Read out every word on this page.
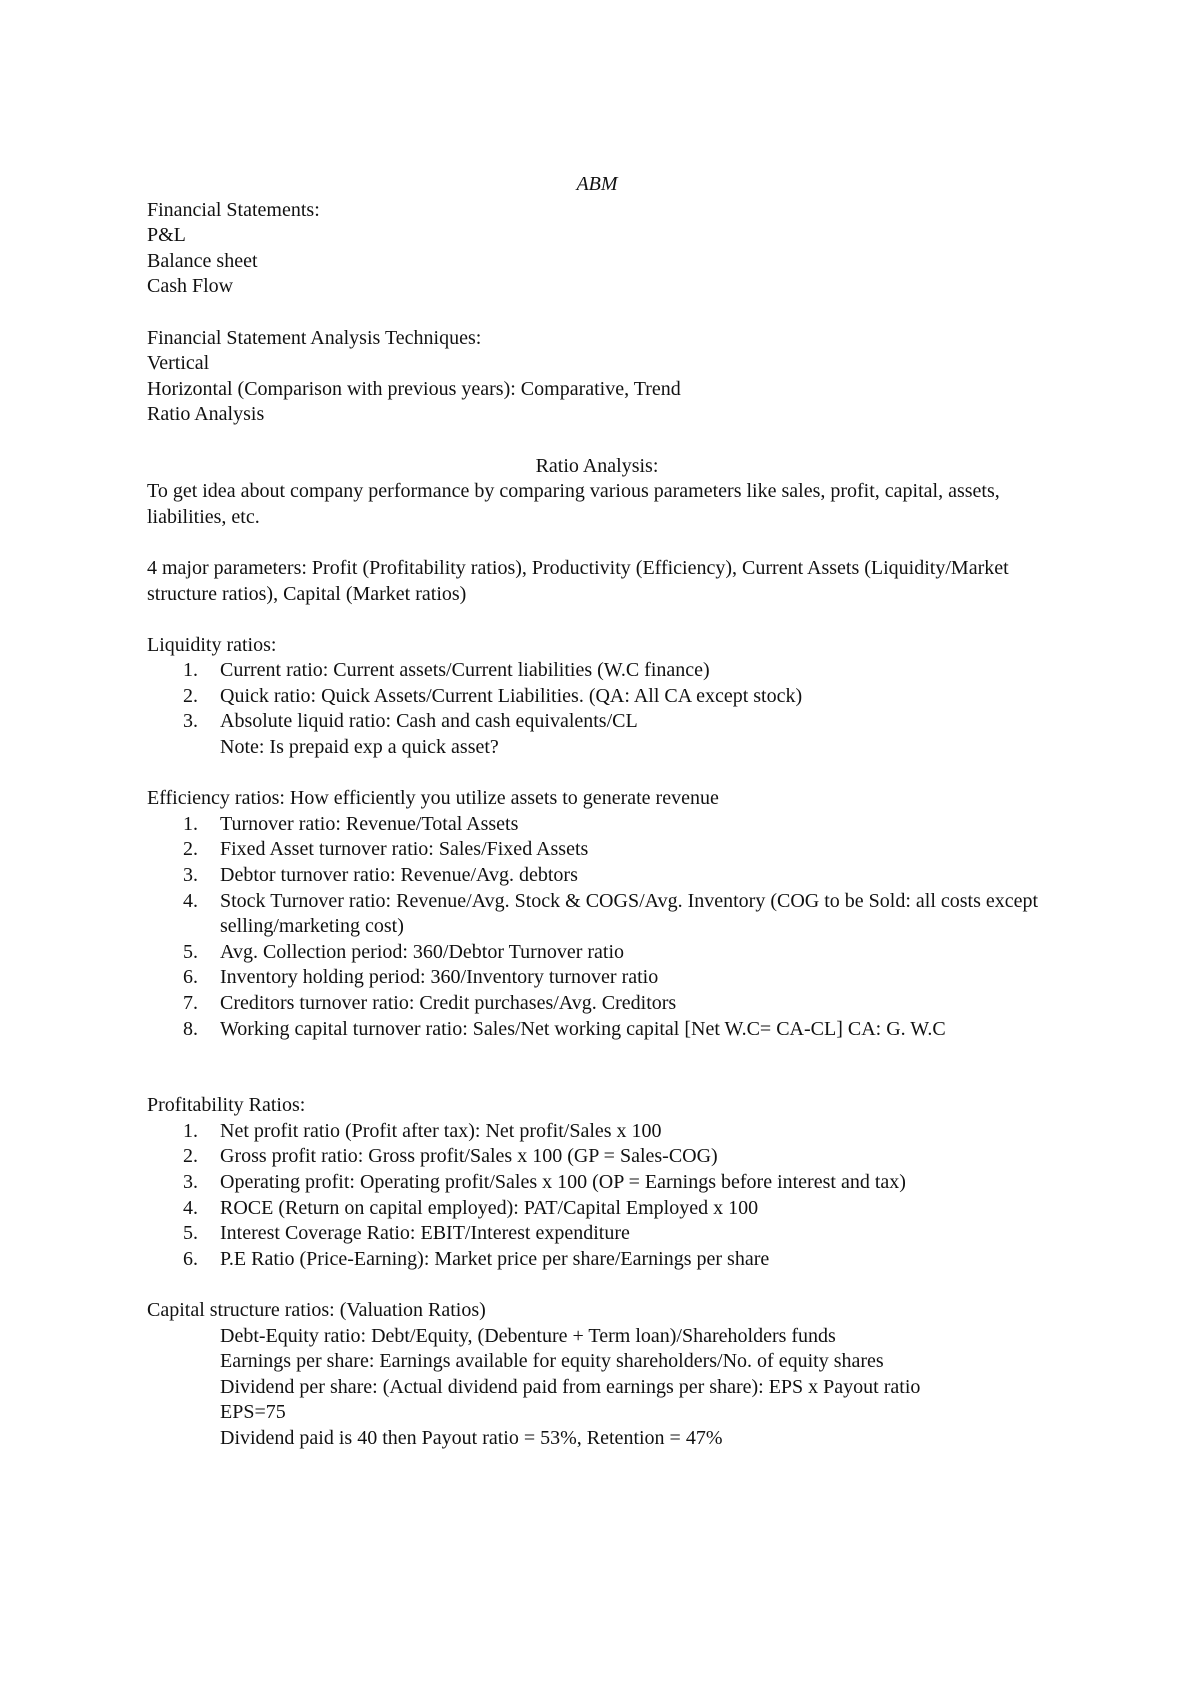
ABM
Financial Statements:
P&L
Balance sheet
Cash Flow
Financial Statement Analysis Techniques:
Vertical
Horizontal (Comparison with previous years): Comparative, Trend
Ratio Analysis
Ratio Analysis:
To get idea about company performance by comparing various parameters like sales, profit, capital, assets, liabilities, etc.
4 major parameters: Profit (Profitability ratios), Productivity (Efficiency), Current Assets (Liquidity/Market structure ratios), Capital (Market ratios)
Liquidity ratios:
1.	Current ratio: Current assets/Current liabilities (W.C finance)
2.	Quick ratio: Quick Assets/Current Liabilities. (QA: All CA except stock)
3.	Absolute liquid ratio: Cash and cash equivalents/CL
Note: Is prepaid exp a quick asset?
Efficiency ratios: How efficiently you utilize assets to generate revenue
1.	Turnover ratio: Revenue/Total Assets
2.	Fixed Asset turnover ratio: Sales/Fixed Assets
3.	Debtor turnover ratio: Revenue/Avg. debtors
4.	Stock Turnover ratio: Revenue/Avg. Stock & COGS/Avg. Inventory (COG to be Sold: all costs except selling/marketing cost)
5.	Avg. Collection period: 360/Debtor Turnover ratio
6.	Inventory holding period: 360/Inventory turnover ratio
7.	Creditors turnover ratio: Credit purchases/Avg. Creditors
8.	Working capital turnover ratio: Sales/Net working capital [Net W.C= CA-CL] CA: G. W.C
Profitability Ratios:
1.	Net profit ratio (Profit after tax): Net profit/Sales x 100
2.	Gross profit ratio: Gross profit/Sales x 100 (GP = Sales-COG)
3.	Operating profit: Operating profit/Sales x 100 (OP = Earnings before interest and tax)
4.	ROCE (Return on capital employed): PAT/Capital Employed x 100
5.	Interest Coverage Ratio: EBIT/Interest expenditure
6.	P.E Ratio (Price-Earning): Market price per share/Earnings per share
Capital structure ratios: (Valuation Ratios)
Debt-Equity ratio: Debt/Equity, (Debenture + Term loan)/Shareholders funds
Earnings per share: Earnings available for equity shareholders/No. of equity shares
Dividend per share: (Actual dividend paid from earnings per share): EPS x Payout ratio
EPS=75
Dividend paid is 40 then Payout ratio = 53%, Retention = 47%
